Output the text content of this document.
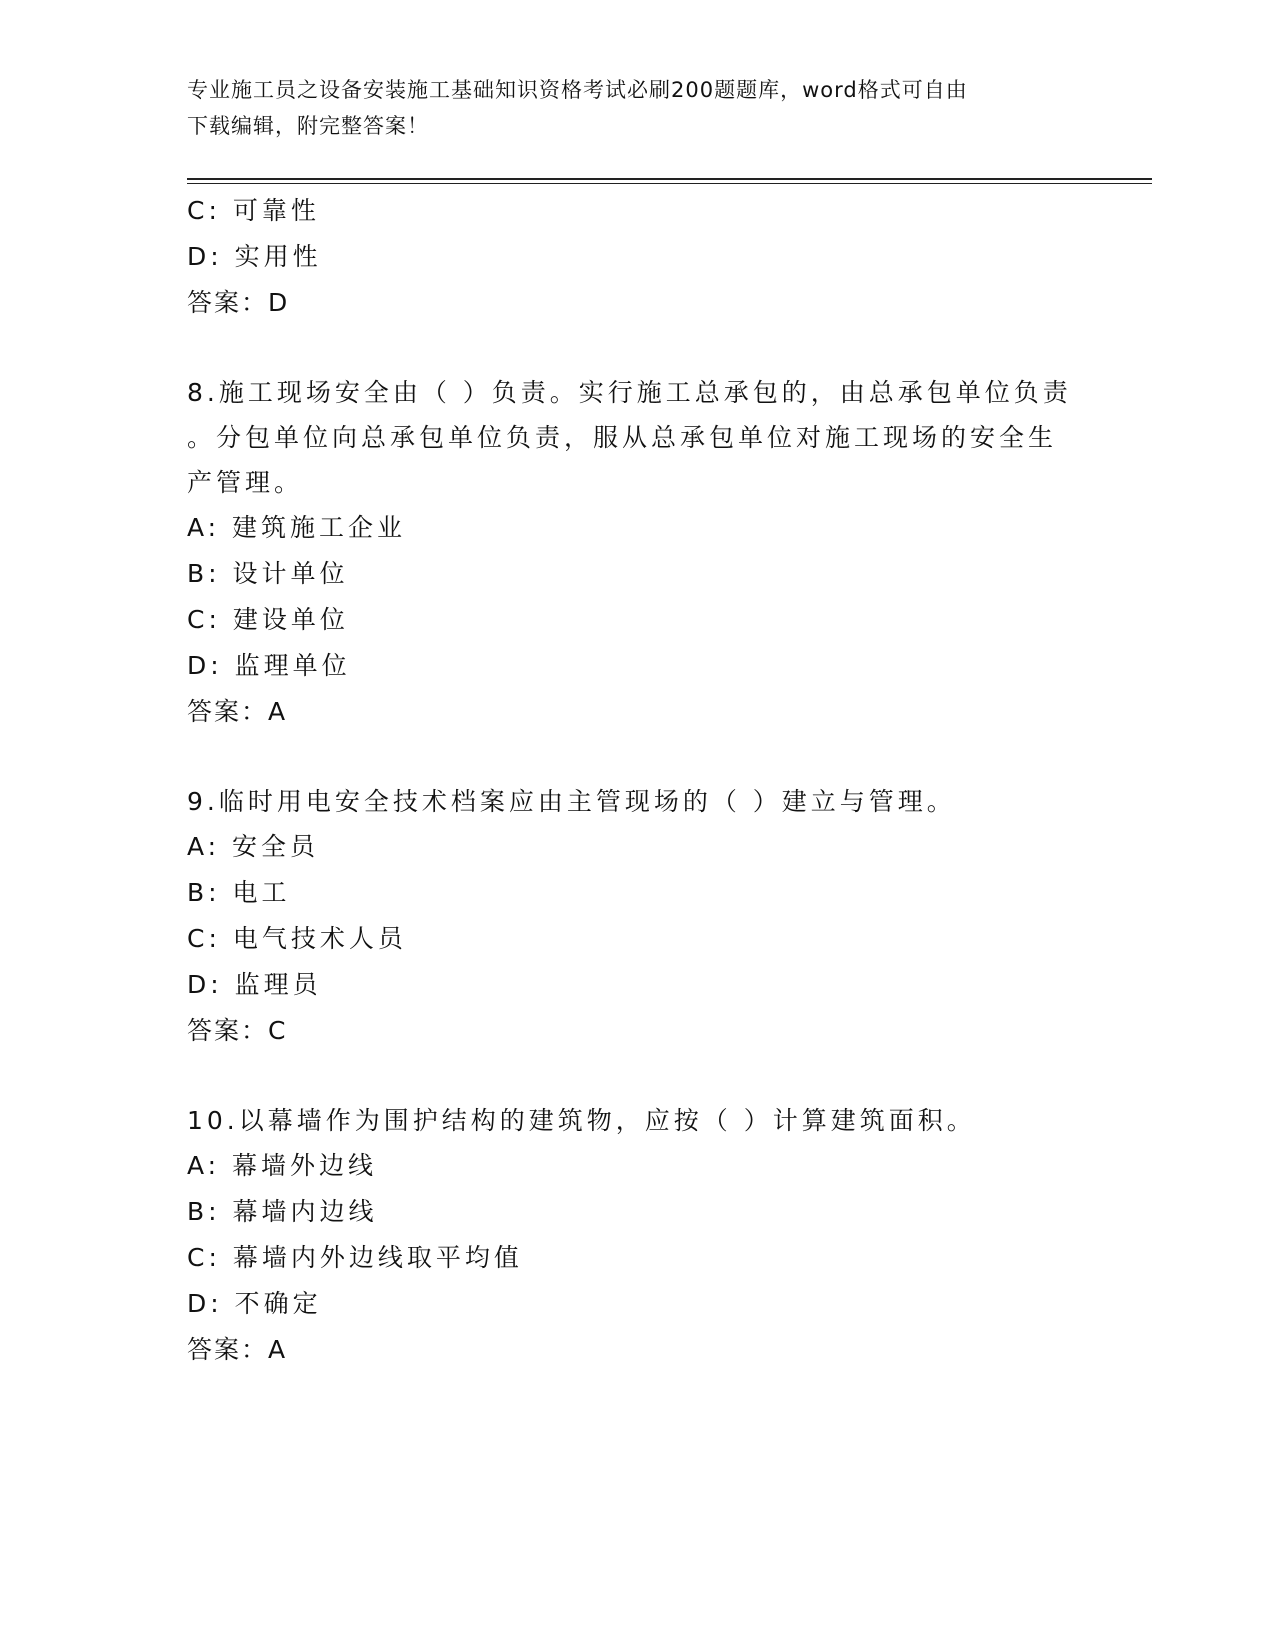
专业施工员之设备安装施工基础知识资格考试必刷200题题库，word格式可自由
下载编辑，附完整答案！
C: 可靠性
D: 实用性
答案：D
8.施工现场安全由（ ）负责。实行施工总承包的，由总承包单位负责
。分包单位向总承包单位负责，服从总承包单位对施工现场的安全生
产管理。
A: 建筑施工企业
B: 设计单位
C: 建设单位
D: 监理单位
答案：A
9.临时用电安全技术档案应由主管现场的（ ）建立与管理。
A: 安全员
B: 电工
C: 电气技术人员
D: 监理员
答案：C
10.以幕墙作为围护结构的建筑物，应按（ ）计算建筑面积。
A: 幕墙外边线
B: 幕墙内边线
C: 幕墙内外边线取平均值
D: 不确定
答案：A
